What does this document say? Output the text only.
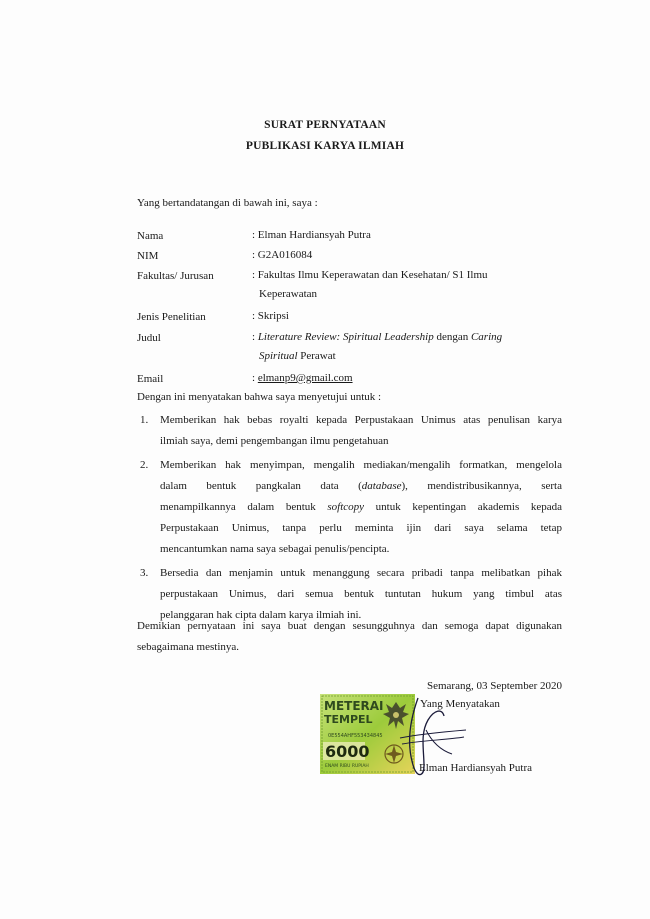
SURAT PERNYATAAN
PUBLIKASI KARYA ILMIAH
Yang bertandatangan di bawah ini, saya :
Nama	: Elman Hardiansyah Putra
NIM	: G2A016084
Fakultas/ Jurusan	: Fakultas Ilmu Keperawatan dan Kesehatan/ S1 Ilmu
Keperawatan
Jenis Penelitian	: Skripsi
Judul	: Literature Review: Spiritual Leadership dengan Caring
Spiritual Perawat
Email	: elmanp9@gmail.com
Dengan ini menyatakan bahwa saya menyetujui untuk :
1. Memberikan hak bebas royalti kepada Perpustakaan Unimus atas penulisan karya
ilmiah saya, demi pengembangan ilmu pengetahuan
2. Memberikan hak menyimpan, mengalih mediakan/mengalih formatkan, mengelola
dalam bentuk pangkalan data (database), mendistribusikannya, serta
menampilkannya dalam bentuk softcopy untuk kepentingan akademis kepada
Perpustakaan Unimus, tanpa perlu meminta ijin dari saya selama tetap
mencantumkan nama saya sebagai penulis/pencipta.
3. Bersedia dan menjamin untuk menanggung secara pribadi tanpa melibatkan pihak
perpustakaan Unimus, dari semua bentuk tuntutan hukum yang timbul atas
pelanggaran hak cipta dalam karya ilmiah ini.
Demikian pernyataan ini saya buat dengan sesungguhnya dan semoga dapat digunakan
sebagaimana mestinya.
Semarang, 03 September 2020
Yang Menyatakan
METERAI
TEMPEL
0E554AHF553434845
6000
ENAM RIBU RUPIAH	Elman Hardiansyah Putra
